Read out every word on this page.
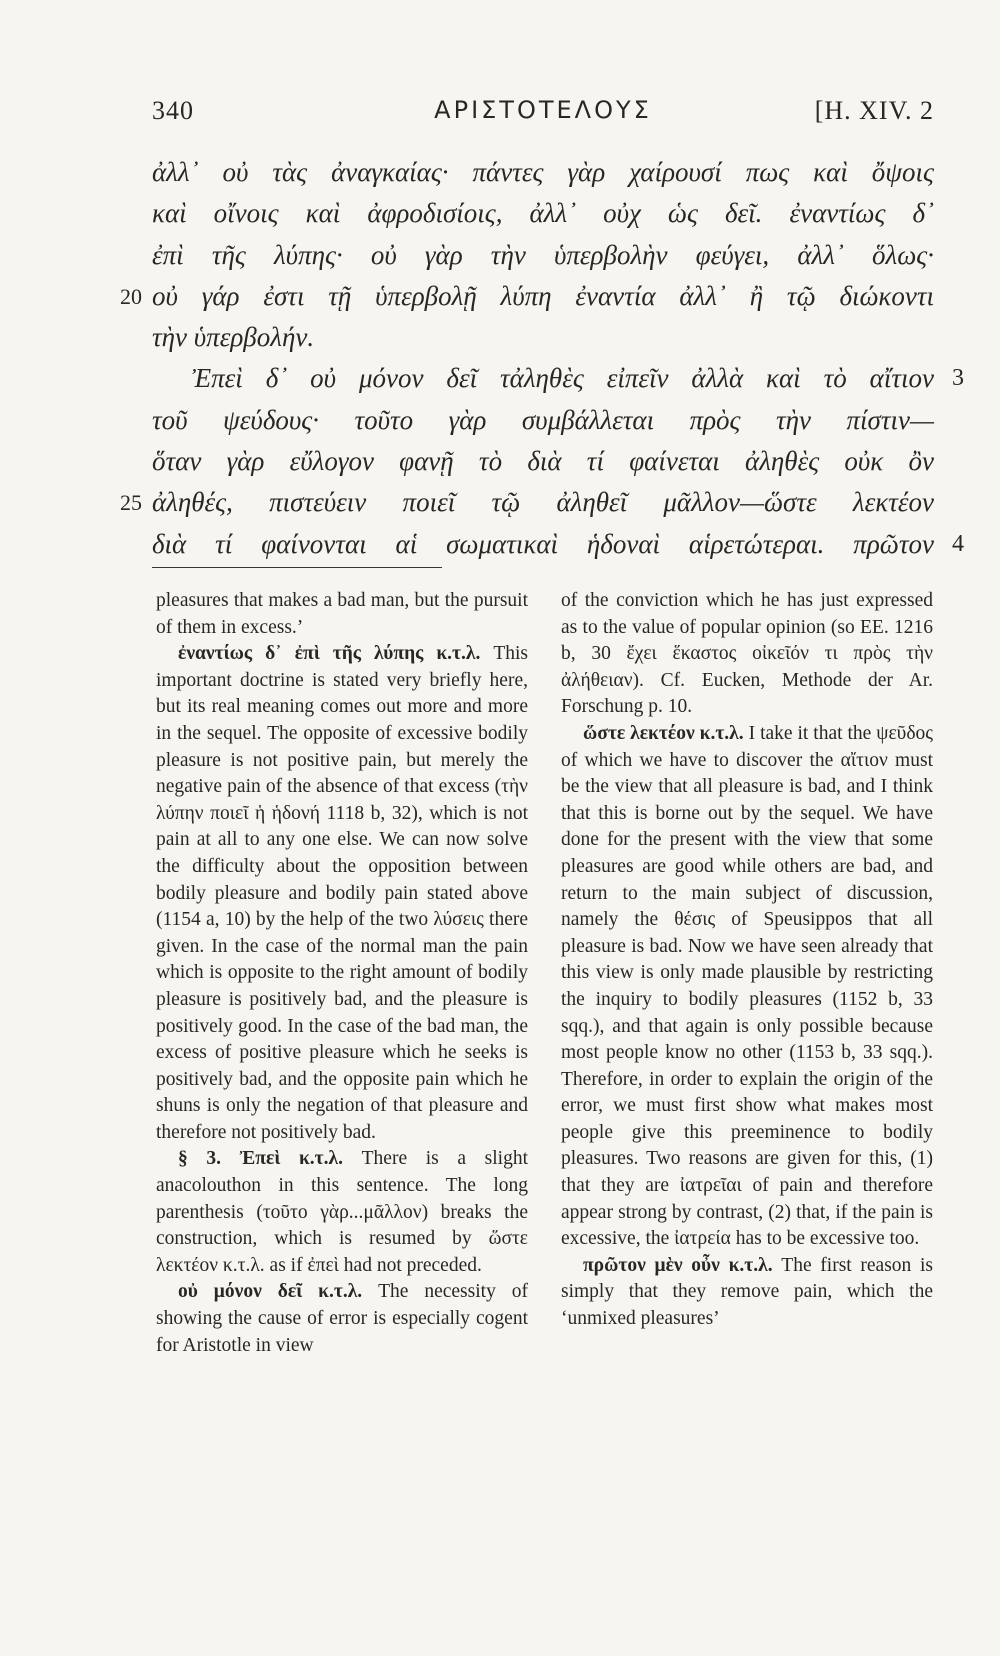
340	ΑΡΙΣΤΟΤΕΛΟΥΣ	[H. XIV. 2
ἀλλ᾽ οὐ τὰς ἀναγκαίας· πάντες γὰρ χαίρουσί πως καὶ ὄψοις
καὶ οἴνοις καὶ ἀφροδισίοις, ἀλλ᾽ οὐχ ὡς δεῖ. ἐναντίως δ᾽
ἐπὶ τῆς λύπης· οὐ γὰρ τὴν ὑπερβολὴν φεύγει, ἀλλ᾽ ὅλως·
20 οὐ γάρ ἐστι τῇ ὑπερβολῇ λύπη ἐναντία ἀλλ᾽ ἢ τῷ διώκοντι
τὴν ὑπερβολήν.
Ἐπεὶ δ᾽ οὐ μόνον δεῖ τἀληθὲς εἰπεῖν ἀλλὰ καὶ τὸ αἴτιον 3
τοῦ ψεύδους· τοῦτο γὰρ συμβάλλεται πρὸς τὴν πίστιν—
ὅταν γὰρ εὔλογον φανῇ τὸ διὰ τί φαίνεται ἀληθὲς οὐκ ὂν
25 ἀληθές, πιστεύειν ποιεῖ τῷ ἀληθεῖ μᾶλλον—ὥστε λεκτέον
διὰ τί φαίνονται αἱ σωματικαὶ ἡδοναὶ αἱρετώτεραι. πρῶτον 4

pleasures that makes a bad man, but the pursuit of them in excess.’

ἐναντίως δ᾽ ἐπὶ τῆς λύπης κ.τ.λ. This important doctrine is stated very briefly here, but its real meaning comes out more and more in the sequel. The opposite of excessive bodily pleasure is not positive pain, but merely the negative pain of the absence of that excess (τὴν λύπην ποιεῖ ἡ ἡδονή 1118 b, 32), which is not pain at all to any one else. We can now solve the difficulty about the opposition between bodily pleasure and bodily pain stated above (1154 a, 10) by the help of the two λύσεις there given. In the case of the normal man the pain which is opposite to the right amount of bodily pleasure is positively bad, and the pleasure is positively good. In the case of the bad man, the excess of positive pleasure which he seeks is positively bad, and the opposite pain which he shuns is only the negation of that pleasure and therefore not positively bad.

§ 3. Ἐπεὶ κ.τ.λ. There is a slight anacolouthon in this sentence. The long parenthesis (τοῦτο γὰρ...μᾶλλον) breaks the construction, which is resumed by ὥστε λεκτέον κ.τ.λ. as if ἐπεὶ had not preceded.

οὐ μόνον δεῖ κ.τ.λ. The necessity of showing the cause of error is especially cogent for Aristotle in view

of the conviction which he has just expressed as to the value of popular opinion (so EE. 1216 b, 30 ἔχει ἕκαστος οἰκεῖόν τι πρὸς τὴν ἀλήθειαν). Cf. Eucken, Methode der Ar. Forschung p. 10.

ὥστε λεκτέον κ.τ.λ. I take it that the ψεῦδος of which we have to discover the αἴτιον must be the view that all pleasure is bad, and I think that this is borne out by the sequel. We have done for the present with the view that some pleasures are good while others are bad, and return to the main subject of discussion, namely the θέσις of Speusippos that all pleasure is bad. Now we have seen already that this view is only made plausible by restricting the inquiry to bodily pleasures (1152 b, 33 sqq.), and that again is only possible because most people know no other (1153 b, 33 sqq.). Therefore, in order to explain the origin of the error, we must first show what makes most people give this preeminence to bodily pleasures. Two reasons are given for this, (1) that they are ἰατρεῖαι of pain and therefore appear strong by contrast, (2) that, if the pain is excessive, the ἰατρεία has to be excessive too.

πρῶτον μὲν οὖν κ.τ.λ. The first reason is simply that they remove pain, which the ‘unmixed pleasures’
